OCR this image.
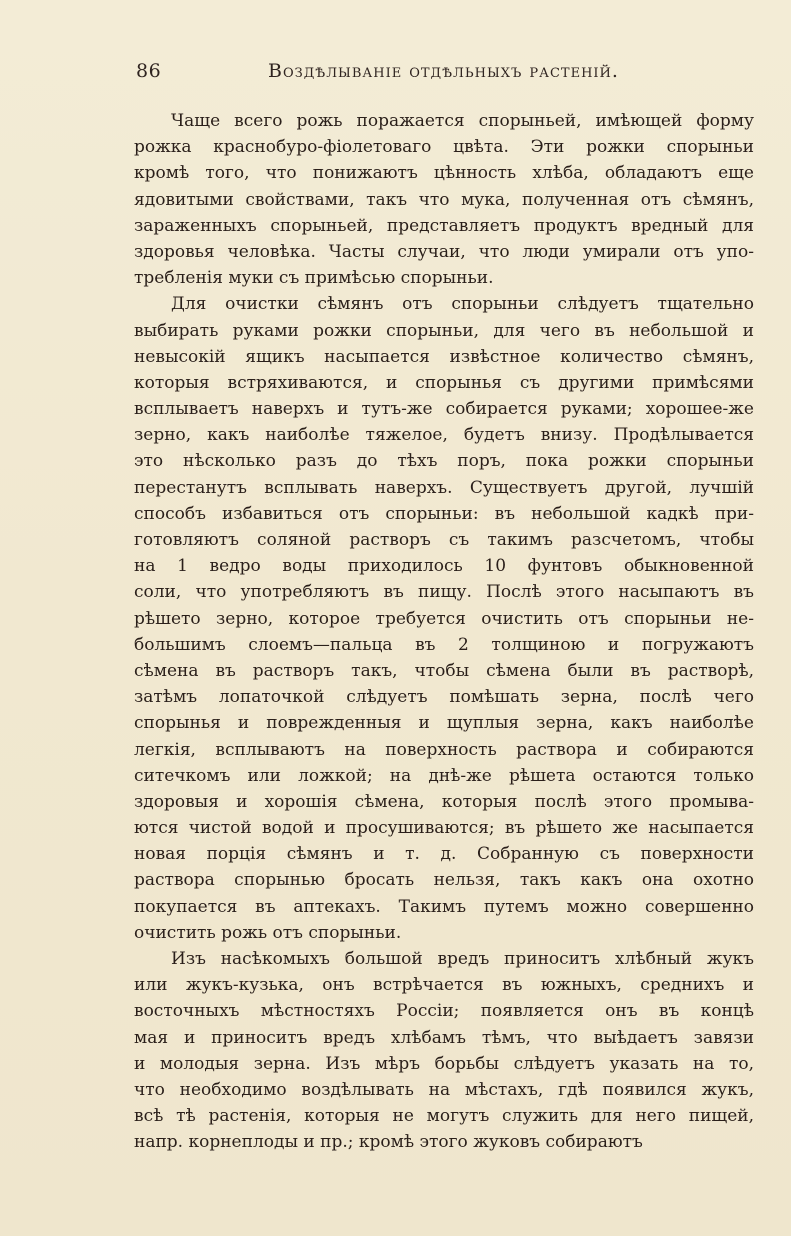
86	Воздѣлываніе отдѣльныхъ растеній.
Чаще всего рожь поражается спорыньей, имѣющей форму
рожка краснобуро-фіолетоваго цвѣта. Эти рожки спорыньи
кромѣ того, что понижаютъ цѣнность хлѣба, обладаютъ еще
ядовитыми свойствами, такъ что мука, полученная отъ сѣмянъ,
зараженныхъ спорыньей, представляетъ продуктъ вредный для
здоровья человѣка. Часты случаи, что люди умирали отъ упо-
требленія муки съ примѣсью спорыньи.
Для очистки сѣмянъ отъ спорыньи слѣдуетъ тщательно
выбирать руками рожки спорыньи, для чего въ небольшой и
невысокій ящикъ насыпается извѣстное количество сѣмянъ,
которыя встряхиваются, и спорынья съ другими примѣсями
всплываетъ наверхъ и тутъ-же собирается руками; хорошее-же
зерно, какъ наиболѣе тяжелое, будетъ внизу. Продѣлывается
это нѣсколько разъ до тѣхъ поръ, пока рожки спорыньи
перестанутъ всплывать наверхъ. Существуетъ другой, лучшій
способъ избавиться отъ спорыньи: въ небольшой кадкѣ при-
готовляютъ соляной растворъ съ такимъ разсчетомъ, чтобы
на 1 ведро воды приходилось 10 фунтовъ обыкновенной
соли, что употребляютъ въ пищу. Послѣ этого насыпаютъ въ
рѣшето зерно, которое требуется очистить отъ спорыньи не-
большимъ слоемъ—пальца въ 2 толщиною и погружаютъ
сѣмена въ растворъ такъ, чтобы сѣмена были въ растворѣ,
затѣмъ лопаточкой слѣдуетъ помѣшать зерна, послѣ чего
спорынья и поврежденныя и щуплыя зерна, какъ наиболѣе
легкія, всплываютъ на поверхность раствора и собираются
ситечкомъ или ложкой; на днѣ-же рѣшета остаются только
здоровыя и хорошія сѣмена, которыя послѣ этого промыва-
ются чистой водой и просушиваются; въ рѣшето же насыпается
новая порція сѣмянъ и т. д. Собранную съ поверхности
раствора спорынью бросать нельзя, такъ какъ она охотно
покупается въ аптекахъ. Такимъ путемъ можно совершенно
очистить рожь отъ спорыньи.
Изъ насѣкомыхъ большой вредъ приноситъ хлѣбный жукъ
или жукъ-кузька, онъ встрѣчается въ южныхъ, среднихъ и
восточныхъ мѣстностяхъ Россіи; появляется онъ въ концѣ
мая и приноситъ вредъ хлѣбамъ тѣмъ, что выѣдаетъ завязи
и молодыя зерна. Изъ мѣръ борьбы слѣдуетъ указать на то,
что необходимо воздѣлывать на мѣстахъ, гдѣ появился жукъ,
всѣ тѣ растенія, которыя не могутъ служить для него пищей,
напр. корнеплоды и пр.; кромѣ этого жуковъ собираютъ
